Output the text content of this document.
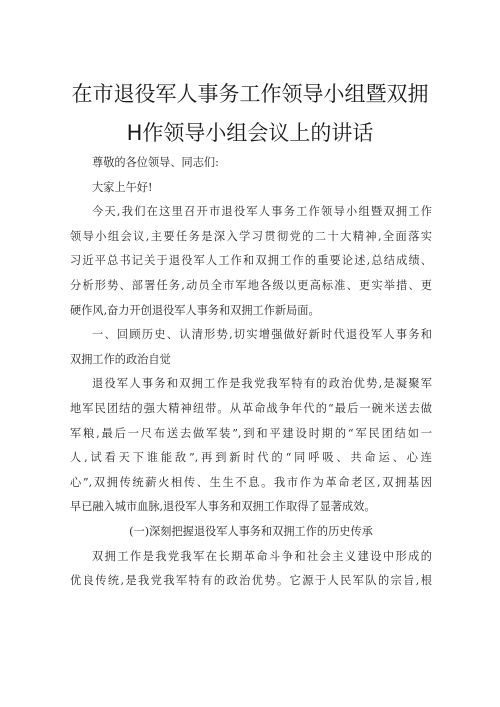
在市退役军人事务工作领导小组暨双拥
H作领导小组会议上的讲话
尊敬的各位领导、同志们:
大家上午好!
今天,我们在这里召开市退役军人事务工作领导小组暨双拥工作
领导小组会议,主要任务是深入学习贯彻党的二十大精神,全面落实
习近平总书记关于退役军人工作和双拥工作的重要论述,总结成绩、
分析形势、部署任务,动员全市军地各级以更高标准、更实举措、更
硬作风,奋力开创退役军人事务和双拥工作新局面。
一、回顾历史、认清形势,切实增强做好新时代退役军人事务和
双拥工作的政治自觉
退役军人事务和双拥工作是我党我军特有的政治优势,是凝聚军
地军民团结的强大精神纽带。从革命战争年代的“最后一碗米送去做
军粮,最后一尺布送去做军装”,到和平建设时期的“军民团结如一
人,试看天下谁能敌”,再到新时代的“同呼吸、共命运、心连
心”,双拥传统薪火相传、生生不息。我市作为革命老区,双拥基因
早已融入城市血脉,退役军人事务和双拥工作取得了显著成效。
(一)深刻把握退役军人事务和双拥工作的历史传承
双拥工作是我党我军在长期革命斗争和社会主义建设中形成的
优良传统,是我党我军特有的政治优势。它源于人民军队的宗旨,根
